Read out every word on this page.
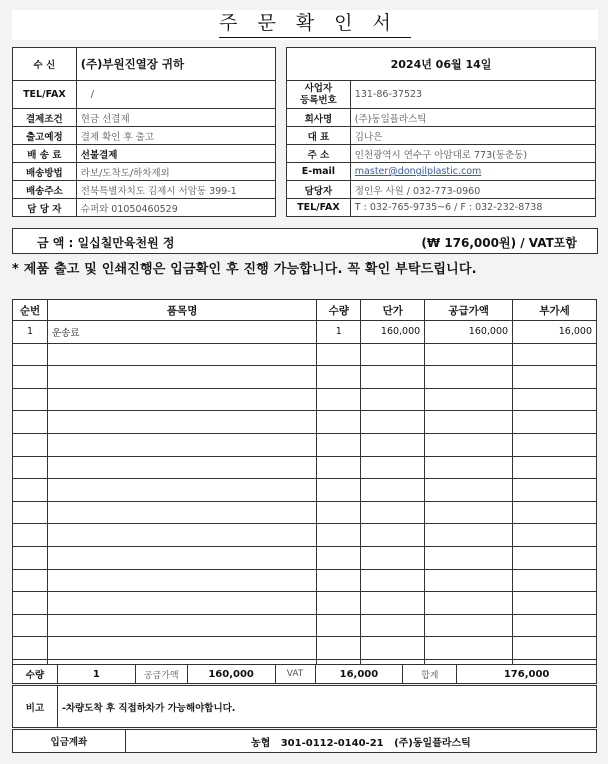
주문확인서
수 신	(주)부원진열장 귀하
TEL/FAX	/
결제조건	현금 선결제
출고예정	결제 확인 후 출고
배 송 료	선불결제
배송방법	라보/도착도/하차제외
배송주소	전북특별자치도 김제시 서암동 399-1
담 당 자	슈퍼와 01050460529
2024년 06월 14일	
사업자
등록번호	131-86-37523
회사명	(주)동일플라스틱
대 표	김나은
주 소	인천광역시 연수구 아암대로 773(동춘동)
E-mail	master@dongilplastic.com
담당자	정인우 사원 / 032-773-0960
TEL/FAX	T : 032-765-9735~6 / F : 032-232-8738
금 액 : 일십칠만육천원 정	(₩ 176,000원) / VAT포함
* 제품 출고 및 인쇄진행은 입금확인 후 진행 가능합니다. 꼭 확인 부탁드립니다.
순번	품목명	수량	단가	공급가액	부가세
1	운송료	1	160,000	160,000	16,000

수량	1	공급가액	160,000	VAT	16,000	합계	176,000
비고	-차량도착 후 직접하차가 가능해야합니다.
입금계좌	농협   301-0112-0140-21   (주)동일플라스틱
